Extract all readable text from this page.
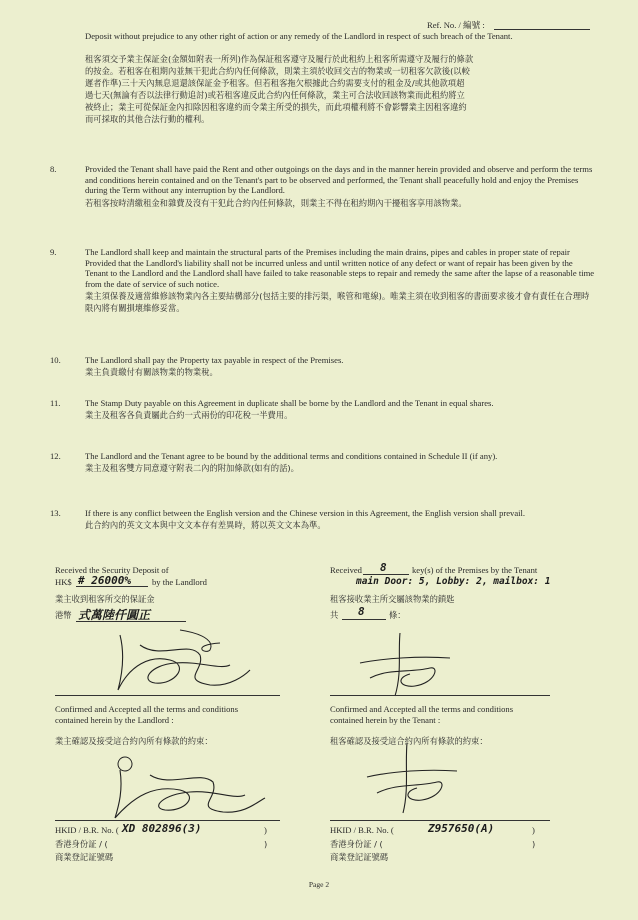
Ref. No. / 編號 :
Deposit without prejudice to any other right of action or any remedy of the Landlord in respect of such breach of the Tenant.
租客須交予業主保証金(金額如附表一所列)作為保証租客遵守及履行於此租約上租客所需遵守及履行的條款
的按金。若租客在租期內並無干犯此合約內任何條款，則業主須於收回交吉的物業或一切租客欠款後(以較
遲者作準)三十天內無息退還該保証金予租客。但若租客拖欠根據此合約需要支付的租金及/或其他款項超
過七天(無論有否以法律行動追討)或若租客違反此合約內任何條款，業主可合法收回該物業而此租約將立
被終止；業主可從保証金內扣除因租客違約而令業主所受的損失，而此項權利將不會影響業主因租客違約
而可採取的其他合法行動的權利。
8.	Provided the Tenant shall have paid the Rent and other outgoings on the days and in the manner herein provided and observe and perform the terms and conditions herein contained and on the Tenant's part to be observed and performed, the Tenant shall peacefully hold and enjoy the Premises during the Term without any interruption by the Landlord.
若租客按時清繳租金和雜費及沒有干犯此合約內任何條款，則業主不得在租約期內干擾租客享用該物業。
9.	The Landlord shall keep and maintain the structural parts of the Premises including the main drains, pipes and cables in proper state of repair Provided that the Landlord's liability shall not be incurred unless and until written notice of any defect or want of repair has been given by the Tenant to the Landlord and the Landlord shall have failed to take reasonable steps to repair and remedy the same after the lapse of a reasonable time from the date of service of such notice.
業主須保養及適當維修該物業內各主要結構部分(包括主要的排污渠，喉管和電線)。唯業主須在收到租客的書面要求後才會有責任在合理時限內將有關損壞維修妥當。
10.	The Landlord shall pay the Property tax payable in respect of the Premises.
業主負責繳付有關該物業的物業稅。
11.	The Stamp Duty payable on this Agreement in duplicate shall be borne by the Landlord and the Tenant in equal shares.
業主及租客各負責屬此合約一式兩份的印花稅一半費用。
12.	The Landlord and the Tenant agree to be bound by the additional terms and conditions contained in Schedule II (if any).
業主及租客雙方同意遵守附表二內的附加條款(如有的話)。
13.	If there is any conflict between the English version and the Chinese version in this Agreement, the English version shall prevail.
此合約內的英文文本與中文文本存有差異時，將以英文文本為準。
Received the Security Deposit of
HK$ # 26000% by the Landlord
業主收到租客所交的保証金
港幣 式萬陸仟圓正
Received 8	key(s) of the Premises by the Tenant
main Door: 5, Lobby: 2, mailbox: 1
租客接收業主所交屬該物業的鎖匙
共 8	條：
Confirmed and Accepted all the terms and conditions
contained herein by the Landlord :
業主確認及接受這合約內所有條款的約束：
Confirmed and Accepted all the terms and conditions
contained herein by the Tenant :
租客確認及接受這合約內所有條款的約束：
HKID / B.R. No. ( XD 802896(3)	)
香港身份証 / (	)
商業登記証號碼
HKID / B.R. No. (	Z957650(A)	)
香港身份証 / (	)
商業登記証號碼
Page 2
